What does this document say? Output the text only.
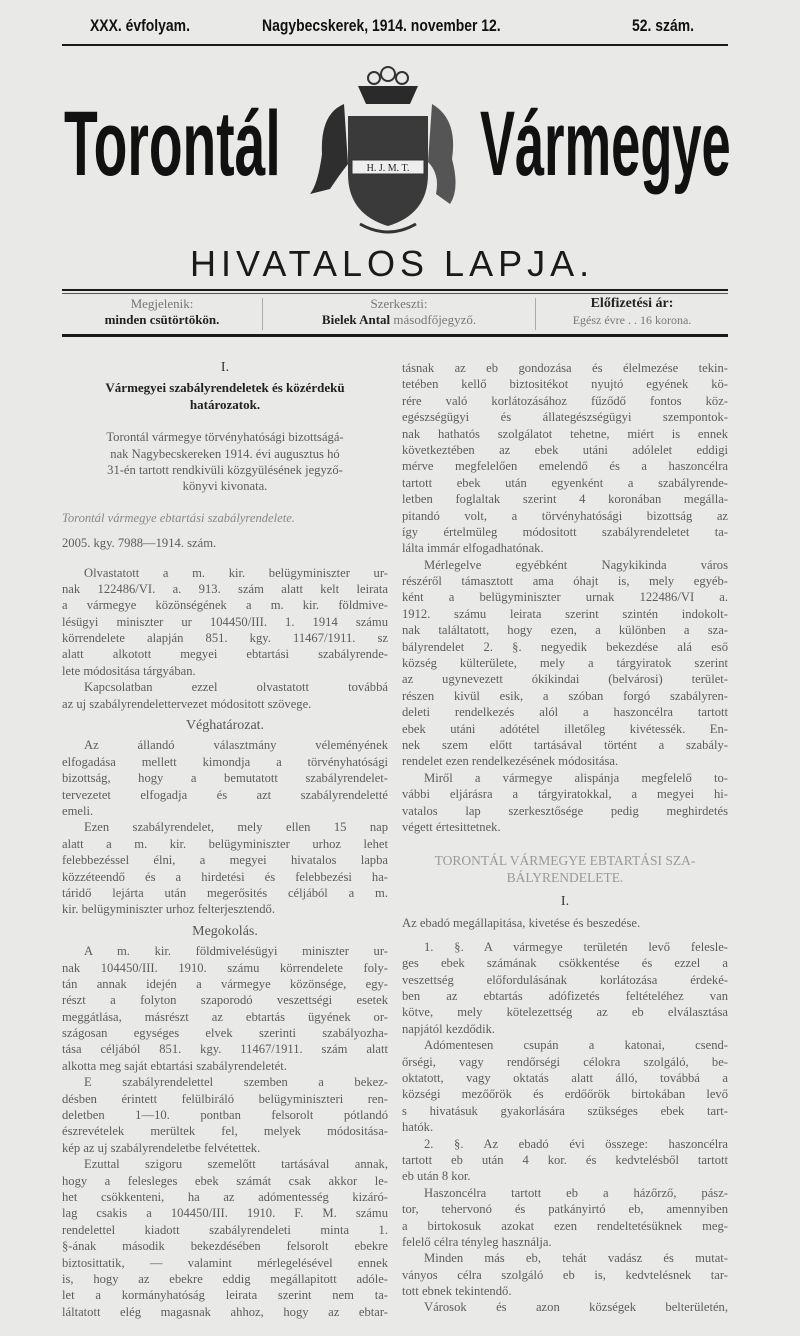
XXX. évfolyam.	Nagybecskerek, 1914. november 12.	52. szám.
Torontál Vármegye
H. J. M. T.
HIVATALOS LAPJA.
Megjelenik:
minden csütörtökön.
Szerkeszti:
Bielek Antal másodfőjegyző.
Előfizetési ár:
Egész évre . . 16 korona.
I.
Vármegyei szabályrendeletek és közérdekü
határozatok.
Torontál vármegye törvényhatósági bizottságá-
nak Nagybecskereken 1914. évi augusztus hó
31-én tartott rendkivüli közgyülésének jegyző-
könyvi kivonata.
Torontál vármegye ebtartási szabályrendelete.
2005. kgy. 7988—1914. szám.
Olvastatott a m. kir. belügyminiszter ur-
nak 122486/VI. a. 913. szám alatt kelt leirata
a vármegye közönségének a m. kir. földmive-
lésügyi miniszter ur 104450/III. 1. 1914 számu
körrendelete alapján 851. kgy. 11467/1911. sz
alatt alkotott megyei ebtartási szabályrende-
lete módositása tárgyában.
Kapcsolatban ezzel olvastatott továbbá
az uj szabályrendelettervezet módositott szövege.
Véghatározat.
Az állandó választmány véleményének
elfogadása mellett kimondja a törvényhatósági
bizottság, hogy a bemutatott szabályrendelet-
tervezetet elfogadja és azt szabályrendeletté
emeli.
Ezen szabályrendelet, mely ellen 15 nap
alatt a m. kir. belügyminiszter urhoz lehet
felebbezéssel élni, a megyei hivatalos lapba
közzéteendő és a hirdetési és felebbezési ha-
táridő lejárta után megerősités céljából a m.
kir. belügyminiszter urhoz felterjesztendő.
Megokolás.
A m. kir. földmivelésügyi miniszter ur-
nak 104450/III. 1910. számu körrendelete foly-
tán annak idején a vármegye közönsége, egy-
részt a folyton szaporodó veszettségi esetek
meggátlása, másrészt az ebtartás ügyének or-
szágosan egységes elvek szerinti szabályozha-
tása céljából 851. kgy. 11467/1911. szám alatt
alkotta meg saját ebtartási szabályrendeletét.
E szabályrendelettel szemben a bekez-
désben érintett felülbiráló belügyminiszteri ren-
deletben 1—10. pontban felsorolt pótlandó
észrevételek merültek fel, melyek módositása-
kép az uj szabályrendeletbe felvétettek.
Ezuttal szigoru szemelőtt tartásával annak,
hogy a felesleges ebek számát csak akkor le-
het csökkenteni, ha az adómentesség kizáró-
lag csakis a 104450/III. 1910. F. M. számu
rendelettel kiadott szabályrendeleti minta 1.
§-ának második bekezdésében felsorolt ebekre
biztosittatik, — valamint mérlegelésével ennek
is, hogy az ebekre eddig megállapitott adóle-
let a kormányhatóság leirata szerint nem ta-
láltatott elég magasnak ahhoz, hogy az ebtar-
tásnak az eb gondozása és élelmezése tekin-
tetében kellő biztositékot nyujtó egyének kö-
rére való korlátozásához fűződő fontos köz-
egészségügyi és állategészségügyi szempontok-
nak hathatós szolgálatot tehetne, miért is ennek
következtében az ebek utáni adólelet eddigi
mérve megfelelően emelendő és a haszoncélra
tartott ebek után egyenként a szabályrende-
letben foglaltak szerint 4 koronában megálla-
pitandó volt, a törvényhatósági bizottság az
így értelmüleg módositott szabályrendeletet ta-
lálta immár elfogadhatónak.
Mérlegelve egyébként Nagykikinda város
részéről támasztott ama óhajt is, mely egyéb-
ként a belügyminiszter urnak 122486/VI a.
1912. számu leirata szerint szintén indokolt-
nak találtatott, hogy ezen, a különben a sza-
bályrendelet 2. §. negyedik bekezdése alá eső
község külterülete, mely a tárgyiratok szerint
az ugynevezett ókikindai (belvárosi) terület-
részen kivül esik, a szóban forgó szabályren-
deleti rendelkezés alól a haszoncélra tartott
ebek utáni adótétel illetőleg kivétessék. En-
nek szem előtt tartásával történt a szabály-
rendelet ezen rendelkezésének módositása.
Miről a vármegye alispánja megfelelő to-
vábbi eljárásra a tárgyiratokkal, a megyei hi-
vatalos lap szerkesztősége pedig meghirdetés
végett értesittetnek.
TORONTÁL VÁRMEGYE EBTARTÁSI SZA-
BÁLYRENDELETE.
I.
Az ebadó megállapitása, kivetése és beszedése.
1. §. A vármegye területén levő felesle-
ges ebek számának csökkentése és ezzel a
veszettség előfordulásának korlátozása érdeké-
ben az ebtartás adófizetés feltételéhez van
kötve, mely kötelezettség az eb elválasztása
napjától kezdődik.
Adómentesen csupán a katonai, csend-
őrségi, vagy rendőrségi célokra szolgáló, be-
oktatott, vagy oktatás alatt álló, továbbá a
községi mezőőrök és erdőőrök birtokában levő
s hivatásuk gyakorlására szükséges ebek tart-
hatók.
2. §. Az ebadó évi összege: haszoncélra
tartott eb után 4 kor. és kedvtelésből tartott
eb után 8 kor.
Haszoncélra tartott eb a házőrző, pász-
tor, tehervonó és patkányirtó eb, amennyiben
a birtokosuk azokat ezen rendeltetésüknek meg-
felelő célra tényleg használja.
Minden más eb, tehát vadász és mutat-
ványos célra szolgáló eb is, kedvtelésnek tar-
tott ebnek tekintendő.
Városok és azon községek belterületén,
